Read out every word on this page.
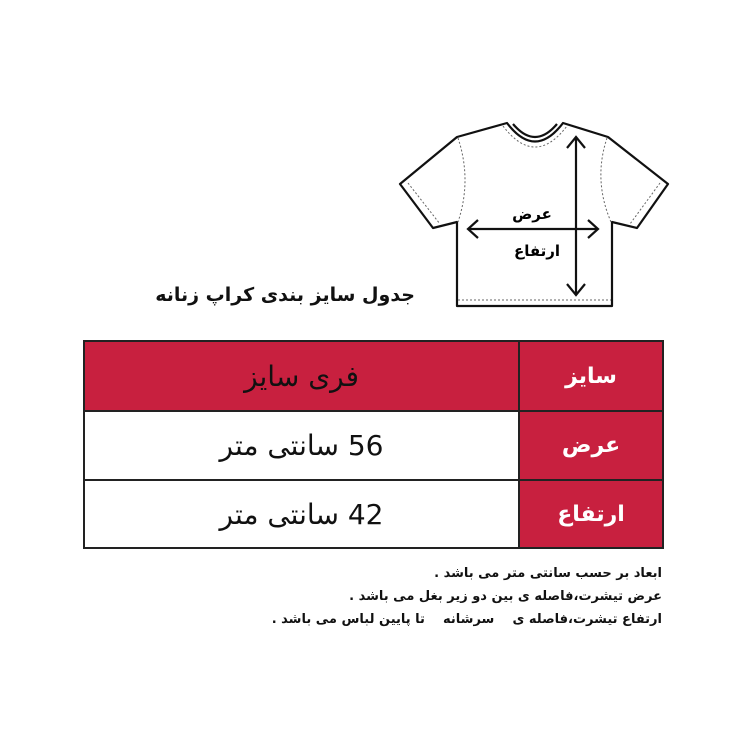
عرض
ارتفاع
جدول سایز بندی کراپ زنانه
فری سایز	سایز
56 سانتی متر	عرض
42 سانتی متر	ارتفاع
ابعاد بر حسب سانتی متر می باشد .
عرض تیشرت،فاصله ی بین دو زیر بغل می باشد .
ارتفاع تیشرت،فاصله ی    سرشانه    تا پایین لباس می باشد .
